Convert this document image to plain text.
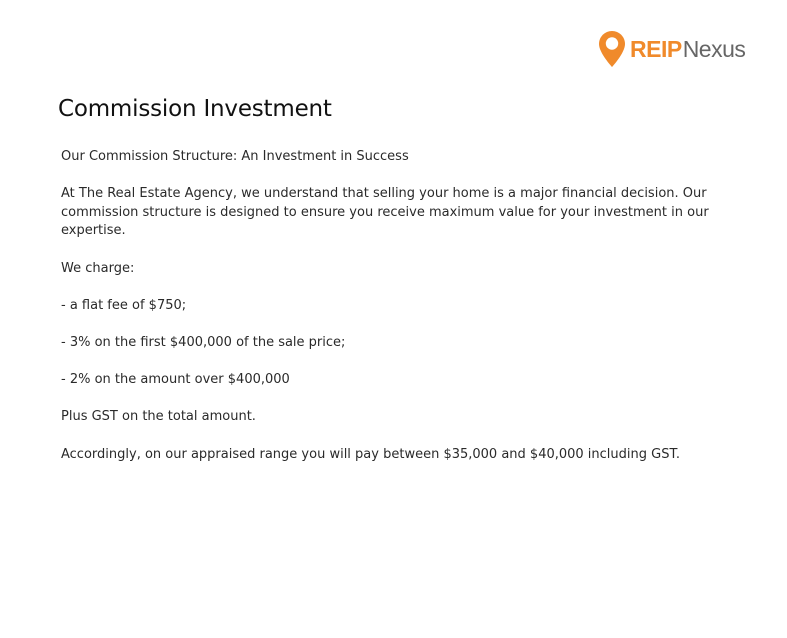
REIPNexus
Commission Investment

Our Commission Structure: An Investment in Success

At The Real Estate Agency, we understand that selling your home is a major financial decision. Our commission structure is designed to ensure you receive maximum value for your investment in our expertise.

We charge:

- a flat fee of $750;

- 3% on the first $400,000 of the sale price;

- 2% on the amount over $400,000

Plus GST on the total amount.

Accordingly, on our appraised range you will pay between $35,000 and $40,000 including GST.
